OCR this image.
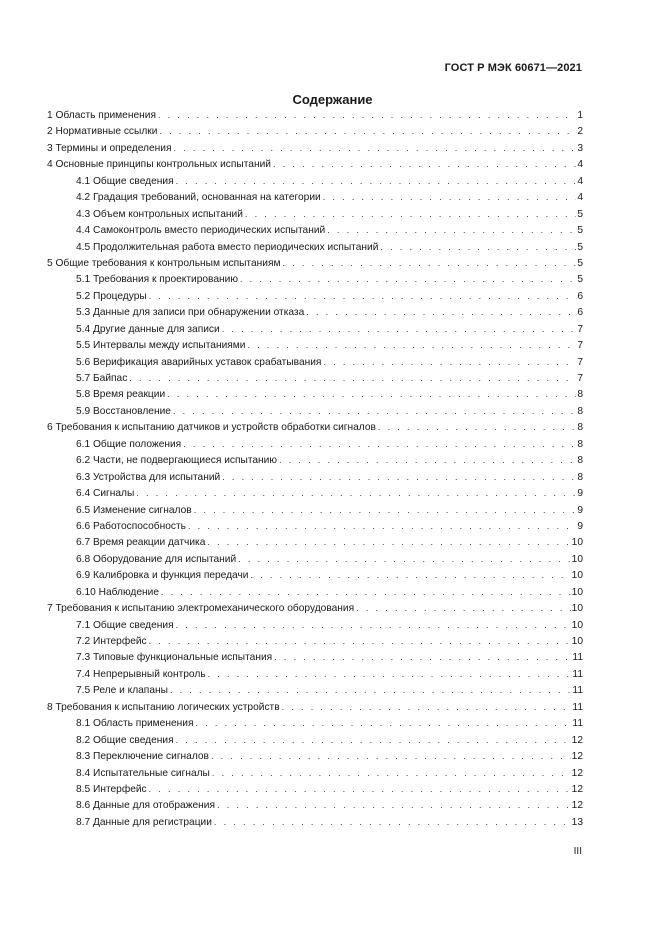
ГОСТ Р МЭК 60671—2021
Содержание
1 Область применения . . .	1
2 Нормативные ссылки . . .	2
3 Термины и определения . . .	3
4 Основные принципы контрольных испытаний . . .	4
4.1 Общие сведения . . .	4
4.2 Градация требований, основанная на категории . . .	4
4.3 Объем контрольных испытаний . . .	5
4.4 Самоконтроль вместо периодических испытаний . . .	5
4.5 Продолжительная работа вместо периодических испытаний . . .	5
5 Общие требования к контрольным испытаниям . . .	5
5.1 Требования к проектированию . . .	5
5.2 Процедуры . . .	6
5.3 Данные для записи при обнаружении отказа . . .	6
5.4 Другие данные для записи . . .	7
5.5 Интервалы между испытаниями . . .	7
5.6 Верификация аварийных уставок срабатывания . . .	7
5.7 Байпас . . .	7
5.8 Время реакции . . .	8
5.9 Восстановление . . .	8
6 Требования к испытанию датчиков и устройств обработки сигналов . . .	8
6.1 Общие положения . . .	8
6.2 Части, не подвергающиеся испытанию . . .	8
6.3 Устройства для испытаний . . .	8
6.4 Сигналы . . .	9
6.5 Изменение сигналов . . .	9
6.6 Работоспособность . . .	9
6.7 Время реакции датчика . . .	10
6.8 Оборудование для испытаний . . .	10
6.9 Калибровка и функция передачи . . .	10
6.10 Наблюдение . . .	10
7 Требования к испытанию электромеханического оборудования . . .	10
7.1 Общие сведения . . .	10
7.2 Интерфейс . . .	10
7.3 Типовые функциональные испытания . . .	11
7.4 Непрерывный контроль . . .	11
7.5 Реле и клапаны . . .	11
8 Требования к испытанию логических устройств . . .	11
8.1 Область применения . . .	11
8.2 Общие сведения . . .	12
8.3 Переключение сигналов . . .	12
8.4 Испытательные сигналы . . .	12
8.5 Интерфейс . . .	12
8.6 Данные для отображения . . .	12
8.7 Данные для регистрации . . .	13
III
